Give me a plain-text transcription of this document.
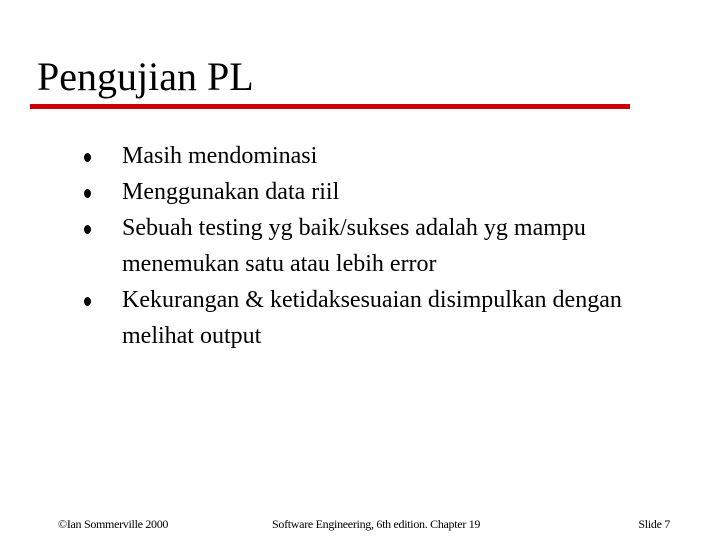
Pengujian PL
Masih mendominasi
Menggunakan data riil
Sebuah testing yg baik/sukses adalah yg mampu menemukan satu atau lebih error
Kekurangan & ketidaksesuaian disimpulkan dengan melihat output
©Ian Sommerville 2000	Software Engineering, 6th edition. Chapter 19	Slide 7
